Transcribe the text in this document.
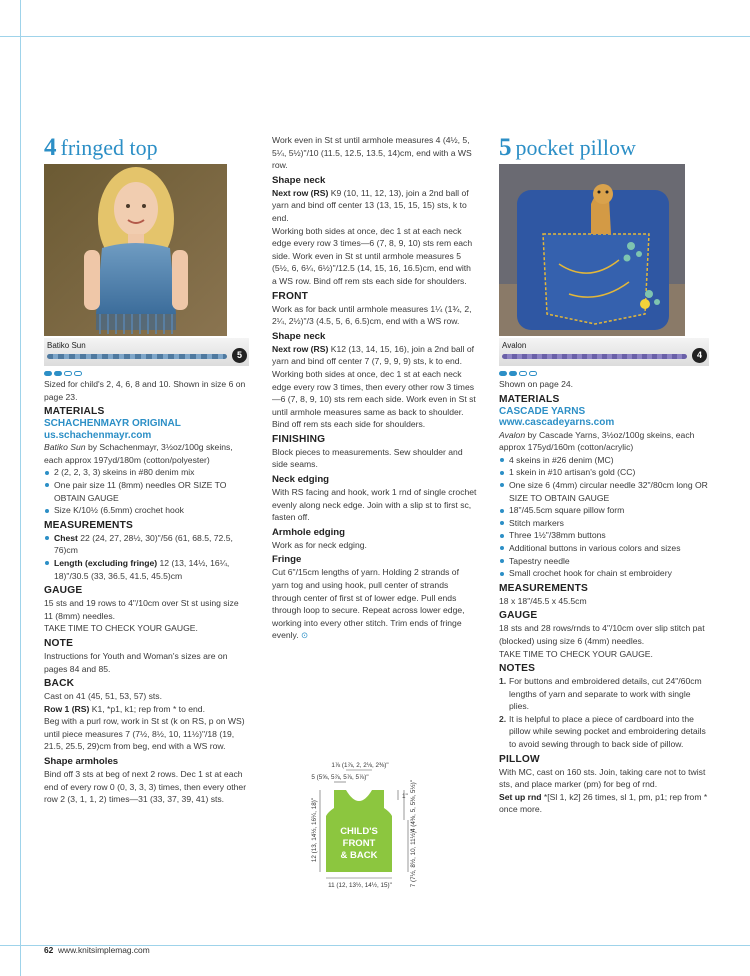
4 fringed top
Batiko Sun
5

Sized for child's 2, 4, 6, 8 and 10. Shown in size 6 on page 23.

MATERIALS
SCHACHENMAYR ORIGINAL
us.schachenmayr.com

Batiko Sun by Schachenmayr, 3½oz/100g skeins, each approx 197yd/180m (cotton/polyester)

2 (2, 2, 3, 3) skeins in #80 denim mix
One pair size 11 (8mm) needles OR SIZE TO OBTAIN GAUGE
Size K/10½ (6.5mm) crochet hook
MEASUREMENTS
Chest 22 (24, 27, 28½, 30)"/56 (61, 68.5, 72.5, 76)cm
Length (excluding fringe) 12 (13, 14½, 16¼, 18)"/30.5 (33, 36.5, 41.5, 45.5)cm
GAUGE

15 sts and 19 rows to 4"/10cm over St st using size 11 (8mm) needles.

TAKE TIME TO CHECK YOUR GAUGE.

NOTE

Instructions for Youth and Woman's sizes are on pages 84 and 85.

BACK

Cast on 41 (45, 51, 53, 57) sts.

Row 1 (RS) K1, *p1, k1; rep from * to end.

Beg with a purl row, work in St st (k on RS, p on WS) until piece measures 7 (7½, 8½, 10, 11½)"/18 (19, 21.5, 25.5, 29)cm from beg, end with a WS row.

Shape armholes

Bind off 3 sts at beg of next 2 rows. Dec 1 st at each end of every row 0 (0, 3, 3, 3) times, then every other row 2 (3, 1, 1, 2) times—31 (33, 37, 39, 41) sts.

Work even in St st until armhole measures 4 (4½, 5, 5¼, 5½)"/10 (11.5, 12.5, 13.5, 14)cm, end with a WS row.

Shape neck

Next row (RS) K9 (10, 11, 12, 13), join a 2nd ball of yarn and bind off center 13 (13, 15, 15, 15) sts, k to end.

Working both sides at once, dec 1 st at each neck edge every row 3 times—6 (7, 8, 9, 10) sts rem each side. Work even in St st until armhole measures 5 (5½, 6, 6¼, 6½)"/12.5 (14, 15, 16, 16.5)cm, end with a WS row. Bind off rem sts each side for shoulders.

FRONT

Work as for back until armhole measures 1¼ (1¾, 2, 2¼, 2½)"/3 (4.5, 5, 6, 6.5)cm, end with a WS row.

Shape neck

Next row (RS) K12 (13, 14, 15, 16), join a 2nd ball of yarn and bind off center 7 (7, 9, 9, 9) sts, k to end.

Working both sides at once, dec 1 st at each neck edge every row 3 times, then every other row 3 times—6 (7, 8, 9, 10) sts rem each side. Work even in St st until armhole measures same as back to shoulder. Bind off rem sts each side for shoulders.

FINISHING

Block pieces to measurements. Sew shoulder and side seams.

Neck edging

With RS facing and hook, work 1 rnd of single crochet evenly along neck edge. Join with a slip st to first sc, fasten off.

Armhole edging

Work as for neck edging.

Fringe

Cut 6"/15cm lengths of yarn. Holding 2 strands of yarn tog and using hook, pull center of strands through center of first st of lower edge. Pull ends through loop to secure. Repeat across lower edge, working into every other stitch. Trim ends of fringe evenly. ⊙

CHILD'S
FRONT
& BACK
1⅞ (1⅞, 2, 2⅛, 2⅜)"
5 (5⅝, 5⅞, 5⅞, 5⅞)"
11 (12, 13½, 14½, 15)"
1"
12 (13, 14½, 16¼, 18)"	4 (4⅜, 5, 5⅜, 5½)"
7 (7½, 8½, 10, 11½)"
5 pocket pillow
Avalon
4

Shown on page 24.

MATERIALS
CASCADE YARNS
www.cascadeyarns.com

Avalon by Cascade Yarns, 3½oz/100g skeins, each approx 175yd/160m (cotton/acrylic)

4 skeins in #26 denim (MC)
1 skein in #10 artisan's gold (CC)
One size 6 (4mm) circular needle 32"/80cm long OR SIZE TO OBTAIN GAUGE
18"/45.5cm square pillow form
Stitch markers
Three 1½"/38mm buttons
Additional buttons in various colors and sizes
Tapestry needle
Small crochet hook for chain st embroidery
MEASUREMENTS

18 x 18"/45.5 x 45.5cm

GAUGE

18 sts and 28 rows/rnds to 4"/10cm over slip stitch pat (blocked) using size 6 (4mm) needles.

TAKE TIME TO CHECK YOUR GAUGE.

NOTES
1. For buttons and embroidered details, cut 24"/60cm lengths of yarn and separate to work with single plies.
2. It is helpful to place a piece of cardboard into the pillow while sewing pocket and embroidering details to avoid sewing through to back side of pillow.
PILLOW

With MC, cast on 160 sts. Join, taking care not to twist sts, and place marker (pm) for beg of rnd.

Set up rnd *[Sl 1, k2] 26 times, sl 1, pm, p1; rep from * once more.

62 www.knitsimplemag.com
